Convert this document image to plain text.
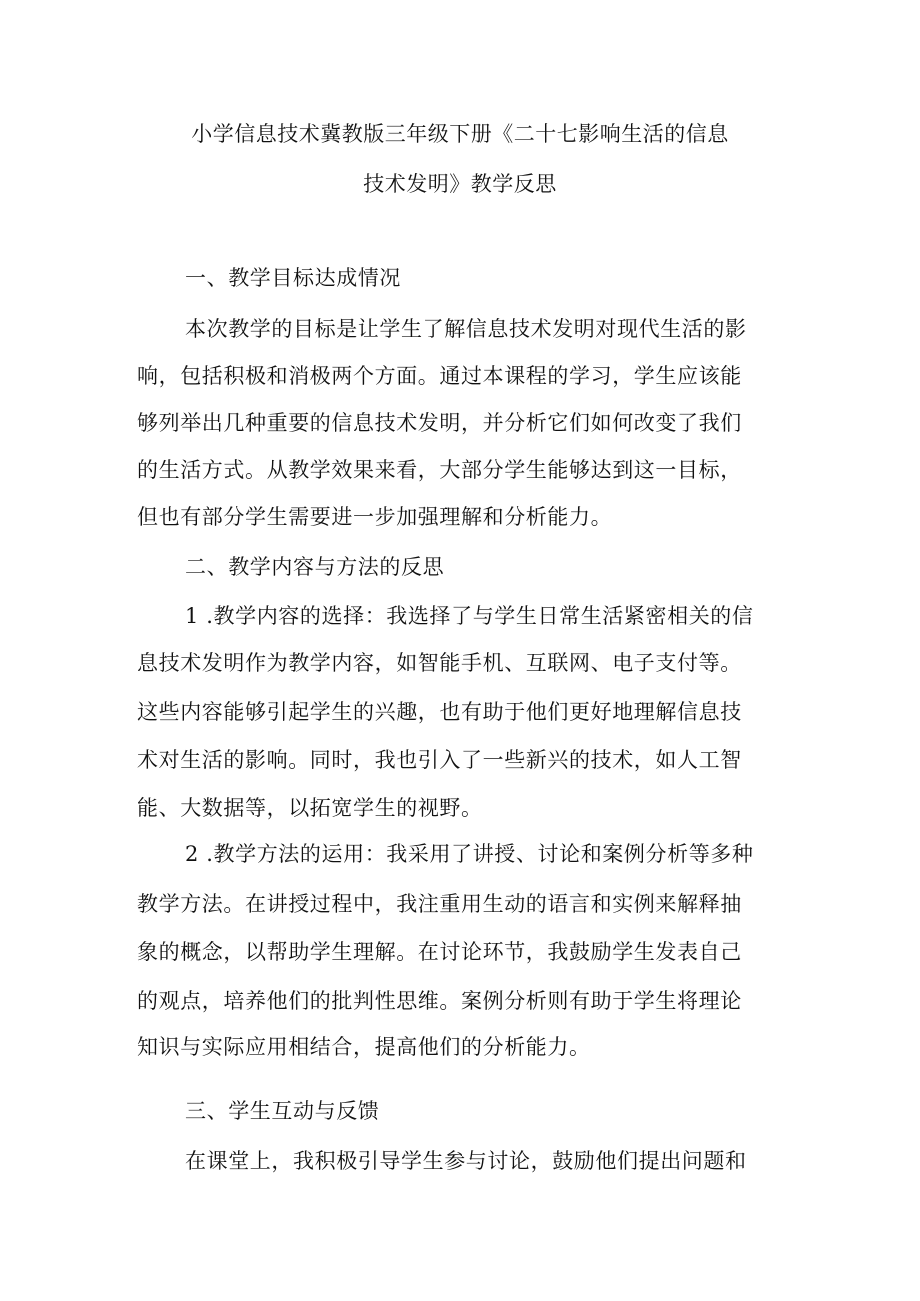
小学信息技术冀教版三年级下册《二十七影响生活的信息
技术发明》教学反思
一、教学目标达成情况
本次教学的目标是让学生了解信息技术发明对现代生活的影
响，包括积极和消极两个方面。通过本课程的学习，学生应该能
够列举出几种重要的信息技术发明，并分析它们如何改变了我们
的生活方式。从教学效果来看，大部分学生能够达到这一目标，
但也有部分学生需要进一步加强理解和分析能力。
二、教学内容与方法的反思
1 .教学内容的选择：我选择了与学生日常生活紧密相关的信
息技术发明作为教学内容，如智能手机、互联网、电子支付等。
这些内容能够引起学生的兴趣，也有助于他们更好地理解信息技
术对生活的影响。同时，我也引入了一些新兴的技术，如人工智
能、大数据等，以拓宽学生的视野。
2 .教学方法的运用：我采用了讲授、讨论和案例分析等多种
教学方法。在讲授过程中，我注重用生动的语言和实例来解释抽
象的概念，以帮助学生理解。在讨论环节，我鼓励学生发表自己
的观点，培养他们的批判性思维。案例分析则有助于学生将理论
知识与实际应用相结合，提高他们的分析能力。
三、学生互动与反馈
在课堂上，我积极引导学生参与讨论，鼓励他们提出问题和
